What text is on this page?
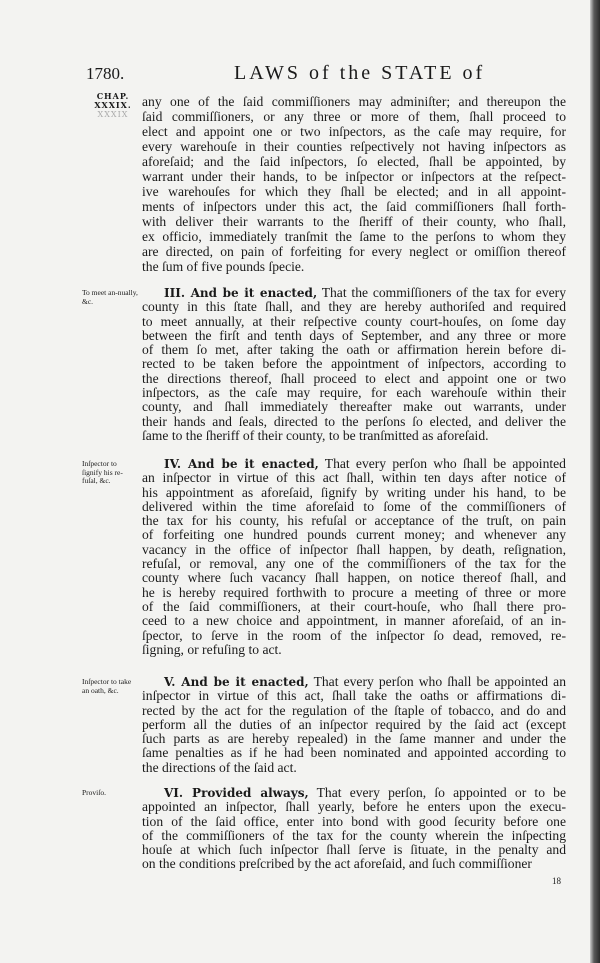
1780.	LAWS of the STATE of
CHAP.
XXXIX.
XXXIX
any one of the ſaid commiſſioners may adminiſter; and thereupon the
ſaid commiſſioners, or any three or more of them, ſhall proceed to
elect and appoint one or two inſpectors, as the caſe may require, for
every warehouſe in their counties reſpectively not having inſpectors as
aforeſaid; and the ſaid inſpectors, ſo elected, ſhall be appointed, by
warrant under their hands, to be inſpector or inſpectors at the reſpect-
ive warehouſes for which they ſhall be elected; and in all appoint-
ments of inſpectors under this act, the ſaid commiſſioners ſhall forth-
with deliver their warrants to the ſheriff of their county, who ſhall,
ex officio, immediately tranſmit the ſame to the perſons to whom they
are directed, on pain of forfeiting for every neglect or omiſſion thereof
the ſum of five pounds ſpecie.
To meet an-nually, &c.
III. And be it enacted, That the commiſſioners of the tax for every
county in this ſtate ſhall, and they are hereby authoriſed and required
to meet annually, at their reſpective county court-houſes, on ſome day
between the firſt and tenth days of September, and any three or more
of them ſo met, after taking the oath or affirmation herein before di-
rected to be taken before the appointment of inſpectors, according to
the directions thereof, ſhall proceed to elect and appoint one or two
inſpectors, as the caſe may require, for each warehouſe within their
county, and ſhall immediately thereafter make out warrants, under
their hands and ſeals, directed to the perſons ſo elected, and deliver the
ſame to the ſheriff of their county, to be tranſmitted as aforeſaid.
Inſpector to ſignify his re-fuſal, &c.
IV. And be it enacted, That every perſon who ſhall be appointed
an inſpector in virtue of this act ſhall, within ten days after notice of
his appointment as aforeſaid, ſignify by writing under his hand, to be
delivered within the time aforeſaid to ſome of the commiſſioners of
the tax for his county, his refuſal or acceptance of the truſt, on pain
of forfeiting one hundred pounds current money; and whenever any
vacancy in the office of inſpector ſhall happen, by death, reſignation,
refuſal, or removal, any one of the commiſſioners of the tax for the
county where ſuch vacancy ſhall happen, on notice thereof ſhall, and
he is hereby required forthwith to procure a meeting of three or more
of the ſaid commiſſioners, at their court-houſe, who ſhall there pro-
ceed to a new choice and appointment, in manner aforeſaid, of an in-
ſpector, to ſerve in the room of the inſpector ſo dead, removed, re-
ſigning, or refuſing to act.
Inſpector to take an oath, &c.
V. And be it enacted, That every perſon who ſhall be appointed an
inſpector in virtue of this act, ſhall take the oaths or affirmations di-
rected by the act for the regulation of the ſtaple of tobacco, and do and
perform all the duties of an inſpector required by the ſaid act (except
ſuch parts as are hereby repealed) in the ſame manner and under the
ſame penalties as if he had been nominated and appointed according to
the directions of the ſaid act.
Proviſo.	VI. Provided always, That every perſon, ſo appointed or to be
appointed an inſpector, ſhall yearly, before he enters upon the execu-
tion of the ſaid office, enter into bond with good ſecurity before one
of the commiſſioners of the tax for the county wherein the inſpecting
houſe at which ſuch inſpector ſhall ſerve is ſituate, in the penalty and
on the conditions preſcribed by the act aforeſaid, and ſuch commiſſioner
18
